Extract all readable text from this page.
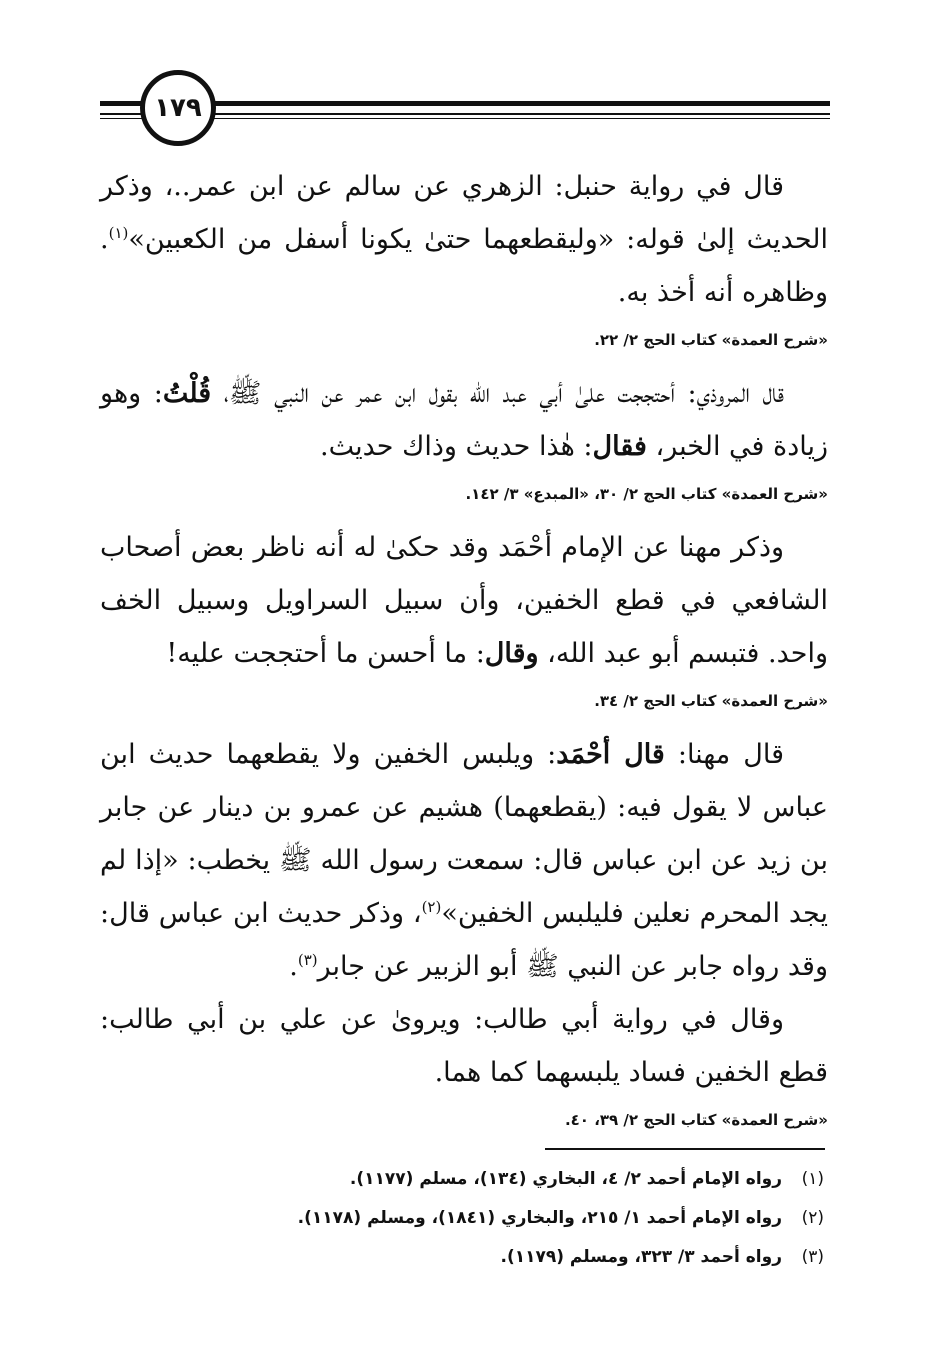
١٧٩

قال في رواية حنبل: الزهري عن سالم عن ابن عمر..، وذكر الحديث إلىٰ قوله: «وليقطعهما حتىٰ يكونا أسفل من الكعبين»$^{(١)}$. وظاهره أنه أخذ به.

«شرح العمدة» كتاب الحج ٢/ ٢٢.

قال المروذي: أحتججت علىٰ أبي عبد الله بقول ابن عمر عن النبي ﷺ، قُلْتُ: وهو زيادة في الخبر، فقال: هٰذا حديث وذاك حديث.

«شرح العمدة» كتاب الحج ٢/ ٣٠، «المبدع» ٣/ ١٤٢.

وذكر مهنا عن الإمام أحْمَد وقد حكىٰ له أنه ناظر بعض أصحاب الشافعي في قطع الخفين، وأن سبيل السراويل وسبيل الخف واحد. فتبسم أبو عبد الله، وقال: ما أحسن ما أحتججت عليه!

«شرح العمدة» كتاب الحج ٢/ ٣٤.

قال مهنا: قال أحْمَد: ويلبس الخفين ولا يقطعهما حديث ابن عباس لا يقول فيه: (يقطعهما) هشيم عن عمرو بن دينار عن جابر بن زيد عن ابن عباس قال: سمعت رسول الله ﷺ يخطب: «إذا لم يجد المحرم نعلين فليلبس الخفين»$^{(٢)}$، وذكر حديث ابن عباس قال: وقد رواه جابر عن النبي ﷺ أبو الزبير عن جابر$^{(٣)}$.

وقال في رواية أبي طالب: ويروىٰ عن علي بن أبي طالب: قطع الخفين فساد يلبسهما كما هما.

«شرح العمدة» كتاب الحج ٢/ ٣٩، ٤٠.

(١)رواه الإمام أحمد ٢/ ٤، البخاري (١٣٤)، مسلم (١١٧٧).
(٢)رواه الإمام أحمد ١/ ٢١٥، والبخاري (١٨٤١)، ومسلم (١١٧٨).
(٣)رواه أحمد ٣/ ٣٢٣، ومسلم (١١٧٩).
